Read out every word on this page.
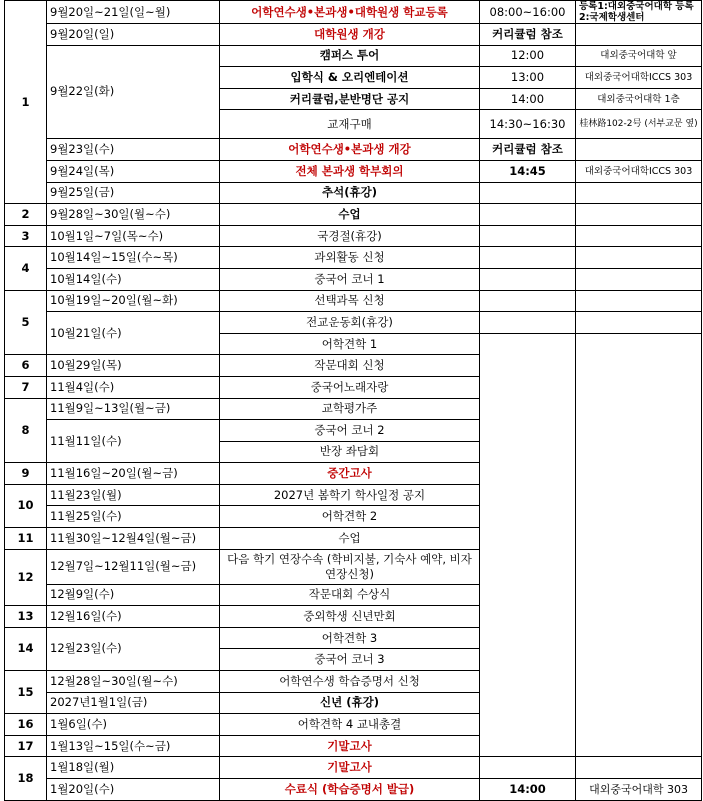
1	9월20일~21일(일~월)	어학연수생•본과생•대학원생 학교등록	08:00~16:00	등록1:대외중국어대학 등록2:국제학생센터	
	9월20일(일)	대학원생 개강	커리큘럼 참조		
	9월22일(화)	캠퍼스 투어	12:00	대외중국어대학 앞	
		입학식 & 오리엔테이션	13:00	대외중국어대학ICCS 303	
		커리큘럼,분반명단 공지	14:00	대외중국어대학 1층	
		교재구매	14:30~16:30	桂林路102-2号 (서부교문 옆)	
	9월23일(수)	어학연수생•본과생 개강	커리큘럼 참조		
	9월24일(목)	전체 본과생 학부회의	14:45	대외중국어대학ICCS 303	
	9월25일(금)	추석(휴강)			
2	9월28일~30일(월~수)	수업			
3	10월1일~7일(목~수)	국경절(휴강)			
4	10월14일~15일(수~목)	과외활동 신청			
	10월14일(수)	중국어 코너 1			
5	10월19일~20일(월~화)	선택과목 신청			
	10월21일(수)	전교운동회(휴강)			
		어학견학 1			
6	10월29일(목)	작문대회 신청			
7	11월4일(수)	중국어노래자랑			
8	11월9일~13일(월~금)	교학평가주			
	11월11일(수)	중국어 코너 2			
		반장 좌담회			
9	11월16일~20일(월~금)	중간고사			
10	11월23일(월)	2027년 봄학기 학사일정 공지			
	11월25일(수)	어학견학 2			
11	11월30일~12월4일(월~금)	수업			
12	12월7일~12월11일(월~금)	다음 학기 연장수속 (학비지불, 기숙사 예약, 비자연장신청)			
	12월9일(수)	작문대회 수상식			
13	12월16일(수)	중외학생 신년만회			
14	12월23일(수)	어학견학 3			
		중국어 코너 3			
15	12월28일~30일(월~수)	어학연수생 학습증명서 신청			
	2027년1월1일(금)	신년 (휴강)			
16	1월6일(수)	어학견학 4 교내총결			
17	1월13일~15일(수~금)	기말고사			
18	1월18일(월)	기말고사			
	1월20일(수)	수료식 (학습증명서 발급)	14:00	대외중국어대학 303	
